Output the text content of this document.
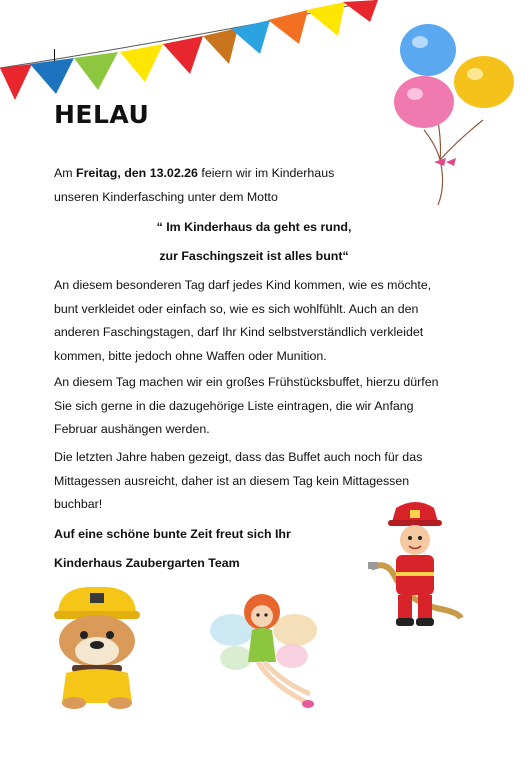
HELAU
Am Freitag, den 13.02.26 feiern wir im Kinderhaus
unseren Kinderfasching unter dem Motto
“ Im Kinderhaus da geht es rund,
zur Faschingszeit ist alles bunt“
An diesem besonderen Tag darf jedes Kind kommen, wie es möchte,
bunt verkleidet oder einfach so, wie es sich wohlfühlt. Auch an den
anderen Faschingstagen, darf Ihr Kind selbstverständlich verkleidet
kommen, bitte jedoch ohne Waffen oder Munition.
An diesem Tag machen wir ein großes Frühstücksbuffet, hierzu dürfen
Sie sich gerne in die dazugehörige Liste eintragen, die wir Anfang
Februar aushängen werden.
Die letzten Jahre haben gezeigt, dass das Buffet auch noch für das
Mittagessen ausreicht, daher ist an diesem Tag kein Mittagessen
buchbar!
Auf eine schöne bunte Zeit freut sich Ihr
Kinderhaus Zaubergarten Team
